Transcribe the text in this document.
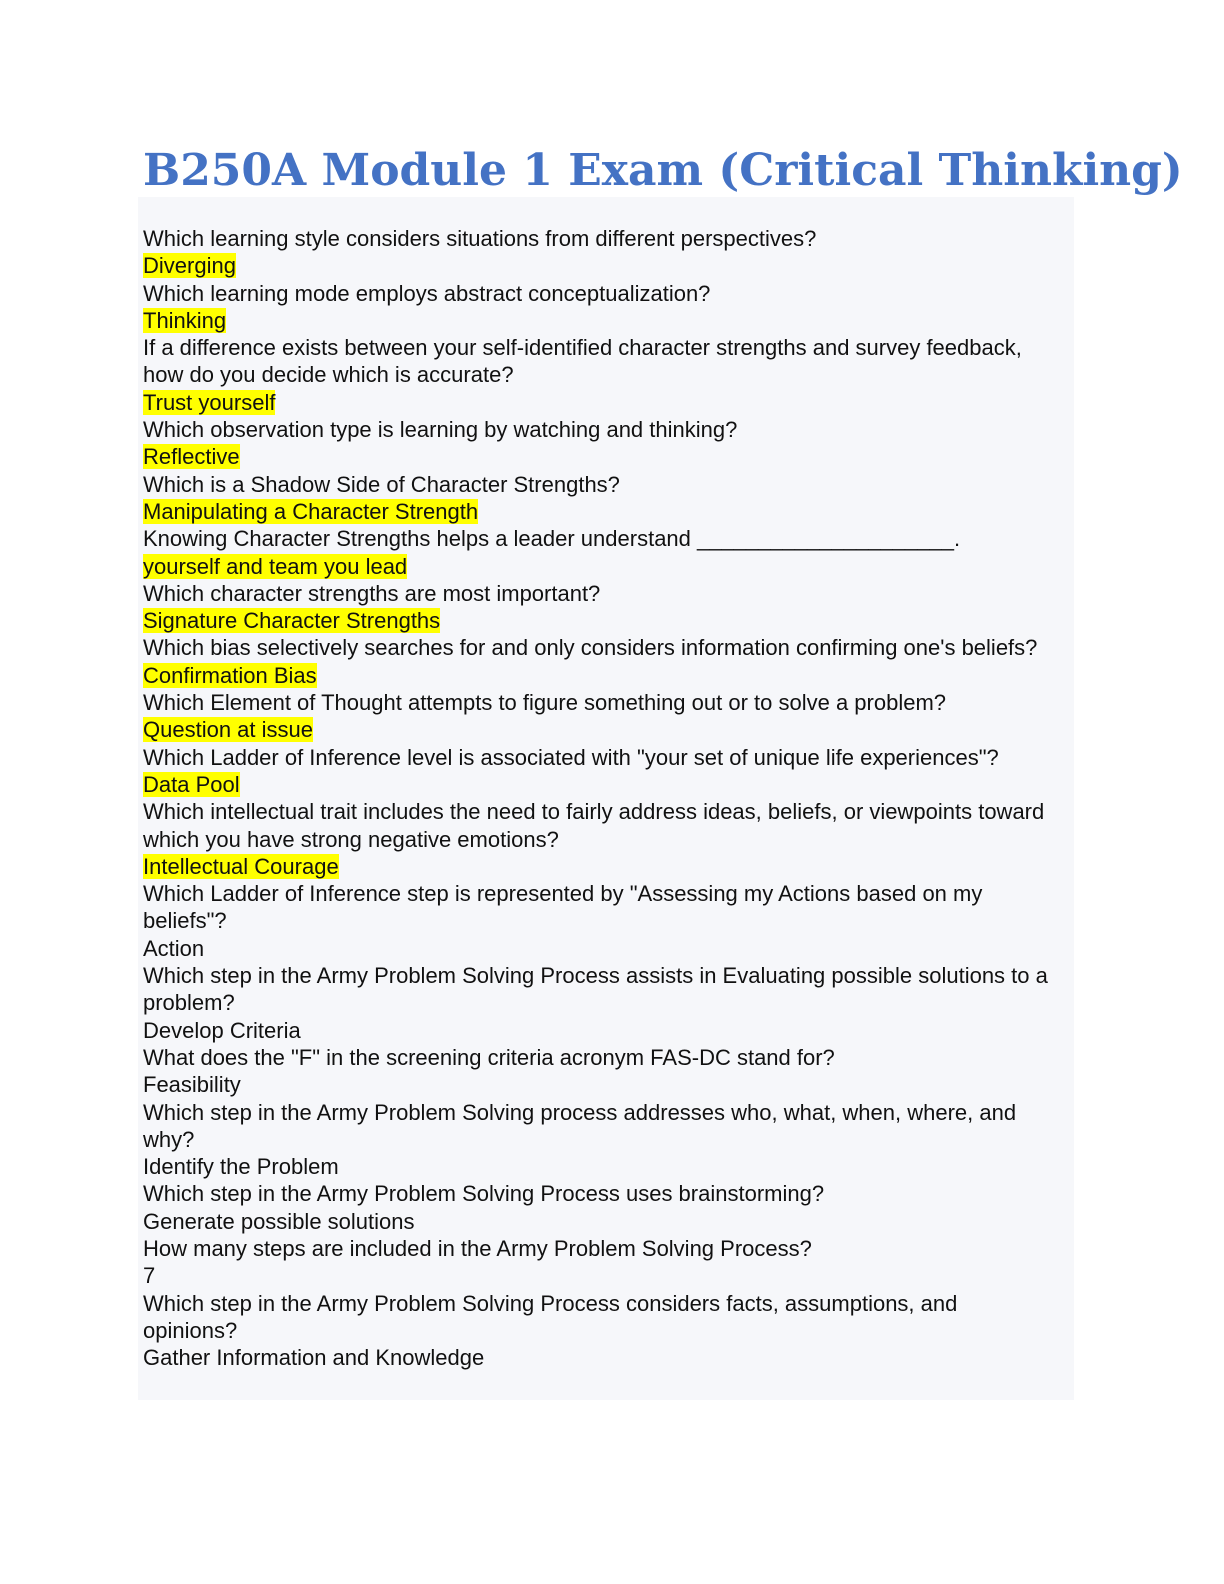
B250A Module 1 Exam (Critical Thinking)
Which learning style considers situations from different perspectives?
Diverging
Which learning mode employs abstract conceptualization?
Thinking
If a difference exists between your self-identified character strengths and survey feedback, how do you decide which is accurate?
Trust yourself
Which observation type is learning by watching and thinking?
Reflective
Which is a Shadow Side of Character Strengths?
Manipulating a Character Strength
Knowing Character Strengths helps a leader understand _____________________.
yourself and team you lead
Which character strengths are most important?
Signature Character Strengths
Which bias selectively searches for and only considers information confirming one's beliefs?
Confirmation Bias
Which Element of Thought attempts to figure something out or to solve a problem?
Question at issue
Which Ladder of Inference level is associated with "your set of unique life experiences"?
Data Pool
Which intellectual trait includes the need to fairly address ideas, beliefs, or viewpoints toward which you have strong negative emotions?
Intellectual Courage
Which Ladder of Inference step is represented by "Assessing my Actions based on my beliefs"?
Action
Which step in the Army Problem Solving Process assists in Evaluating possible solutions to a problem?
Develop Criteria
What does the "F" in the screening criteria acronym FAS-DC stand for?
Feasibility
Which step in the Army Problem Solving process addresses who, what, when, where, and why?
Identify the Problem
Which step in the Army Problem Solving Process uses brainstorming?
Generate possible solutions
How many steps are included in the Army Problem Solving Process?
7
Which step in the Army Problem Solving Process considers facts, assumptions, and opinions?
Gather Information and Knowledge
